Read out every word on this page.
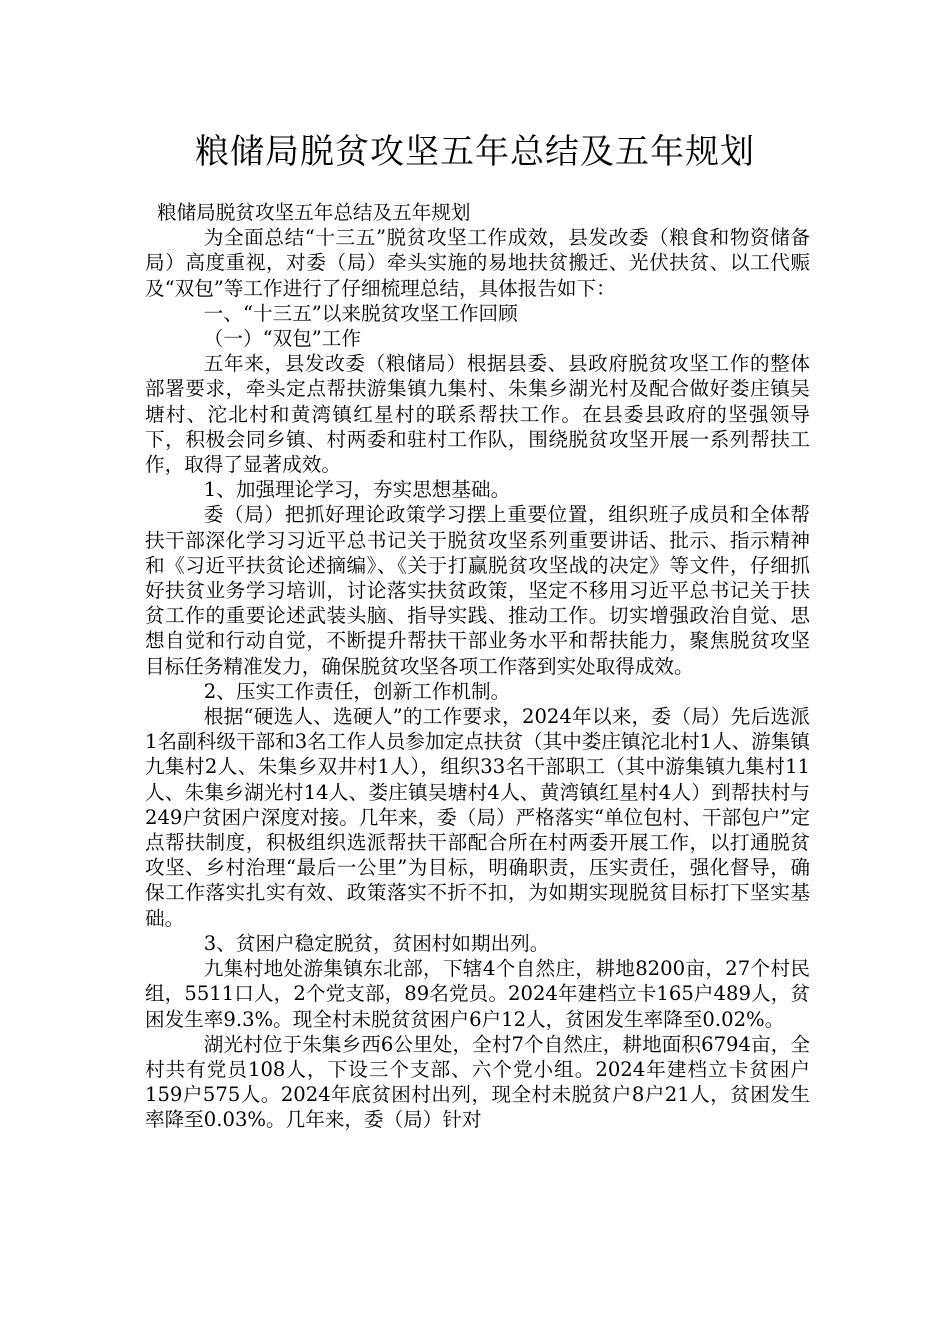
粮储局脱贫攻坚五年总结及五年规划

粮储局脱贫攻坚五年总结及五年规划

为全面总结“十三五”脱贫攻坚工作成效，县发改委（粮食和物资储备局）高度重视，对委（局）牵头实施的易地扶贫搬迁、光伏扶贫、以工代赈及“双包”等工作进行了仔细梳理总结，具体报告如下：

一、“十三五”以来脱贫攻坚工作回顾

（一）“双包”工作

五年来，县发改委（粮储局）根据县委、县政府脱贫攻坚工作的整体部署要求，牵头定点帮扶游集镇九集村、朱集乡湖光村及配合做好娄庄镇吴塘村、沱北村和黄湾镇红星村的联系帮扶工作。在县委县政府的坚强领导下，积极会同乡镇、村两委和驻村工作队，围绕脱贫攻坚开展一系列帮扶工作，取得了显著成效。

1、加强理论学习，夯实思想基础。

委（局）把抓好理论政策学习摆上重要位置，组织班子成员和全体帮扶干部深化学习习近平总书记关于脱贫攻坚系列重要讲话、批示、指示精神和《习近平扶贫论述摘编》、《关于打赢脱贫攻坚战的决定》等文件，仔细抓好扶贫业务学习培训，讨论落实扶贫政策，坚定不移用习近平总书记关于扶贫工作的重要论述武装头脑、指导实践、推动工作。切实增强政治自觉、思想自觉和行动自觉，不断提升帮扶干部业务水平和帮扶能力，聚焦脱贫攻坚目标任务精准发力，确保脱贫攻坚各项工作落到实处取得成效。

2、压实工作责任，创新工作机制。

根据“硬选人、选硬人”的工作要求，2024年以来，委（局）先后选派1名副科级干部和3名工作人员参加定点扶贫（其中娄庄镇沱北村1人、游集镇九集村2人、朱集乡双井村1人），组织33名干部职工（其中游集镇九集村11人、朱集乡湖光村14人、娄庄镇吴塘村4人、黄湾镇红星村4人）到帮扶村与249户贫困户深度对接。几年来，委（局）严格落实“单位包村、干部包户”定点帮扶制度，积极组织选派帮扶干部配合所在村两委开展工作，以打通脱贫攻坚、乡村治理“最后一公里”为目标，明确职责，压实责任，强化督导，确保工作落实扎实有效、政策落实不折不扣，为如期实现脱贫目标打下坚实基础。

3、贫困户稳定脱贫，贫困村如期出列。

九集村地处游集镇东北部，下辖4个自然庄，耕地8200亩，27个村民组，5511口人，2个党支部，89名党员。2024年建档立卡165户489人，贫困发生率9.3%。现全村未脱贫贫困户6户12人，贫困发生率降至0.02%。

湖光村位于朱集乡西6公里处，全村7个自然庄，耕地面积6794亩，全村共有党员108人，下设三个支部、六个党小组。2024年建档立卡贫困户159户575人。2024年底贫困村出列，现全村未脱贫户8户21人，贫困发生率降至0.03%。几年来，委（局）针对
